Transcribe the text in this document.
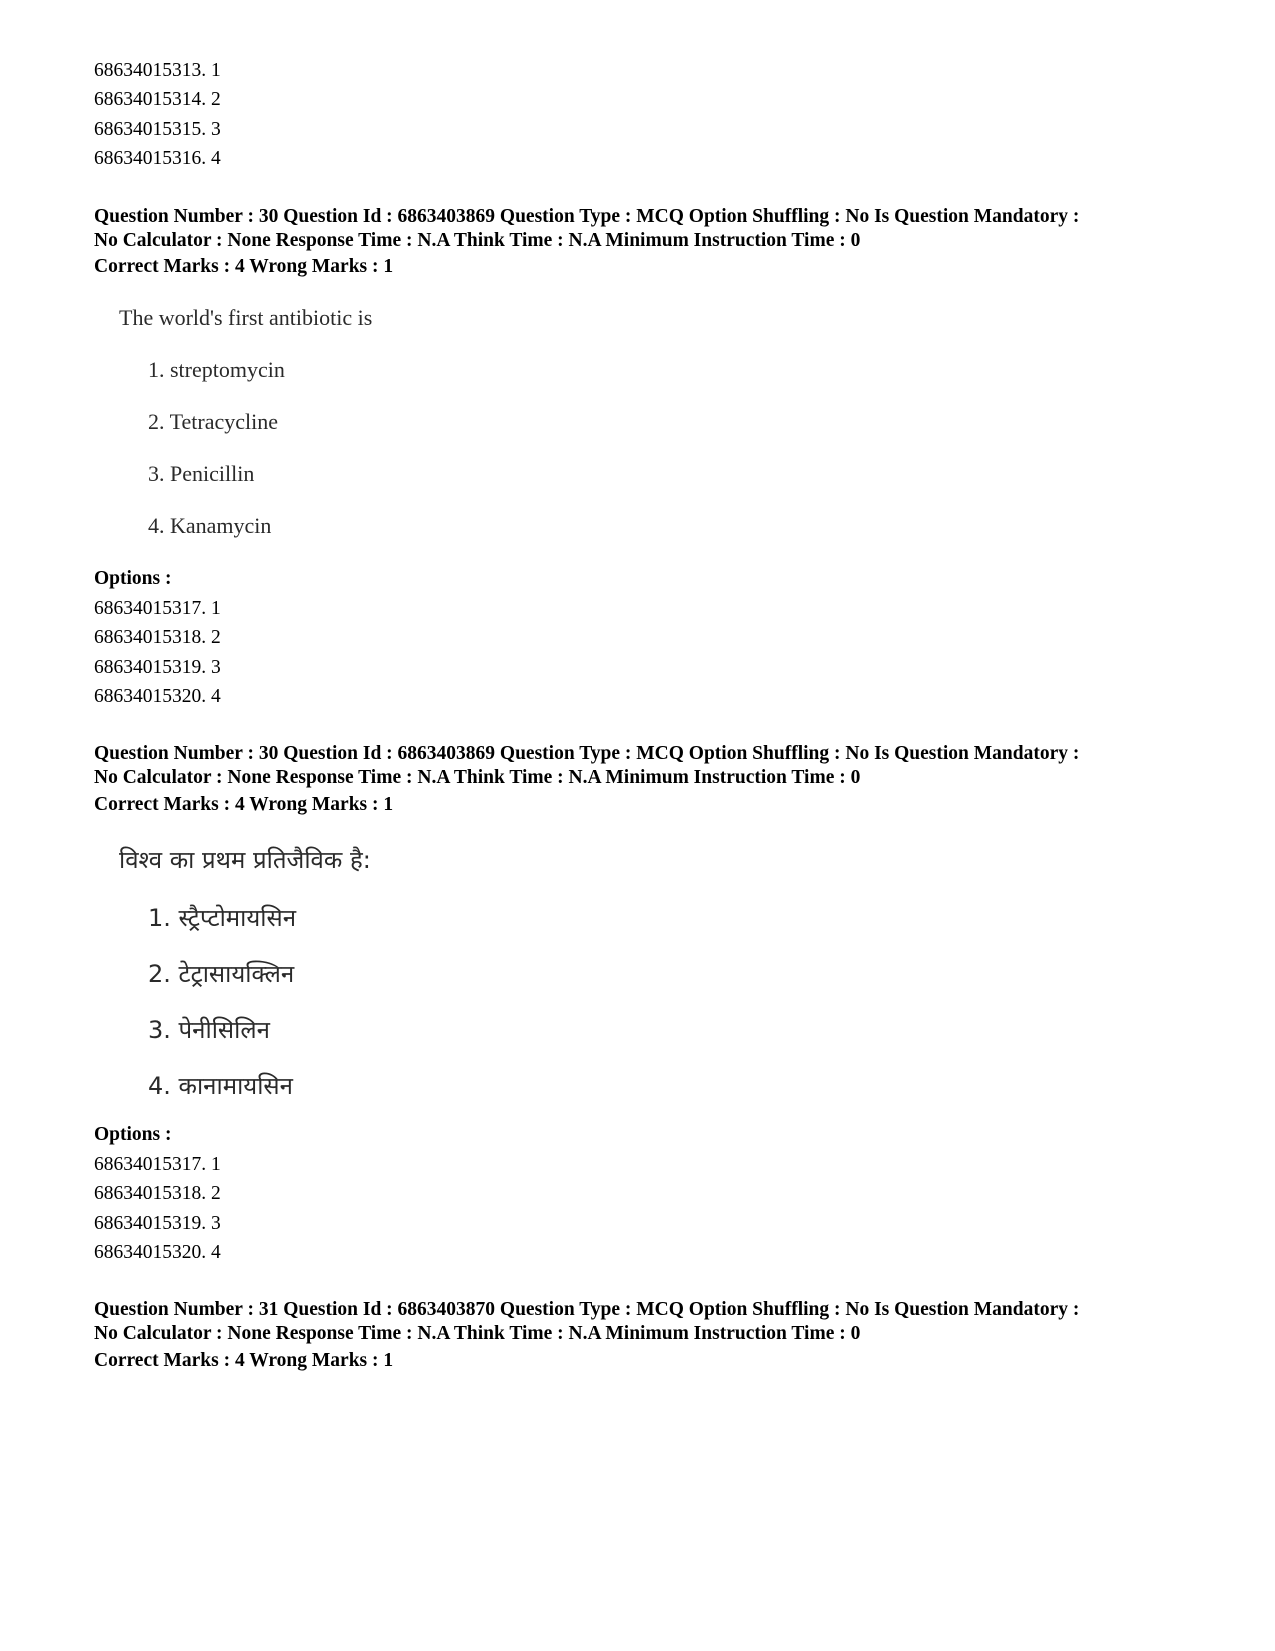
68634015313. 1
68634015314. 2
68634015315. 3
68634015316. 4
Question Number : 30 Question Id : 6863403869 Question Type : MCQ Option Shuffling : No Is Question Mandatory :
No Calculator : None Response Time : N.A Think Time : N.A Minimum Instruction Time : 0
Correct Marks : 4 Wrong Marks : 1
The world's first antibiotic is
1. streptomycin
2. Tetracycline
3. Penicillin
4. Kanamycin
Options :
68634015317. 1
68634015318. 2
68634015319. 3
68634015320. 4
Question Number : 30 Question Id : 6863403869 Question Type : MCQ Option Shuffling : No Is Question Mandatory :
No Calculator : None Response Time : N.A Think Time : N.A Minimum Instruction Time : 0
Correct Marks : 4 Wrong Marks : 1
विश्व का प्रथम प्रतिजैविक है:
1. स्ट्रैप्टोमायसिन
2. टेट्रासायक्लिन
3. पेनीसिलिन
4. कानामायसिन
Options :
68634015317. 1
68634015318. 2
68634015319. 3
68634015320. 4
Question Number : 31 Question Id : 6863403870 Question Type : MCQ Option Shuffling : No Is Question Mandatory :
No Calculator : None Response Time : N.A Think Time : N.A Minimum Instruction Time : 0
Correct Marks : 4 Wrong Marks : 1
